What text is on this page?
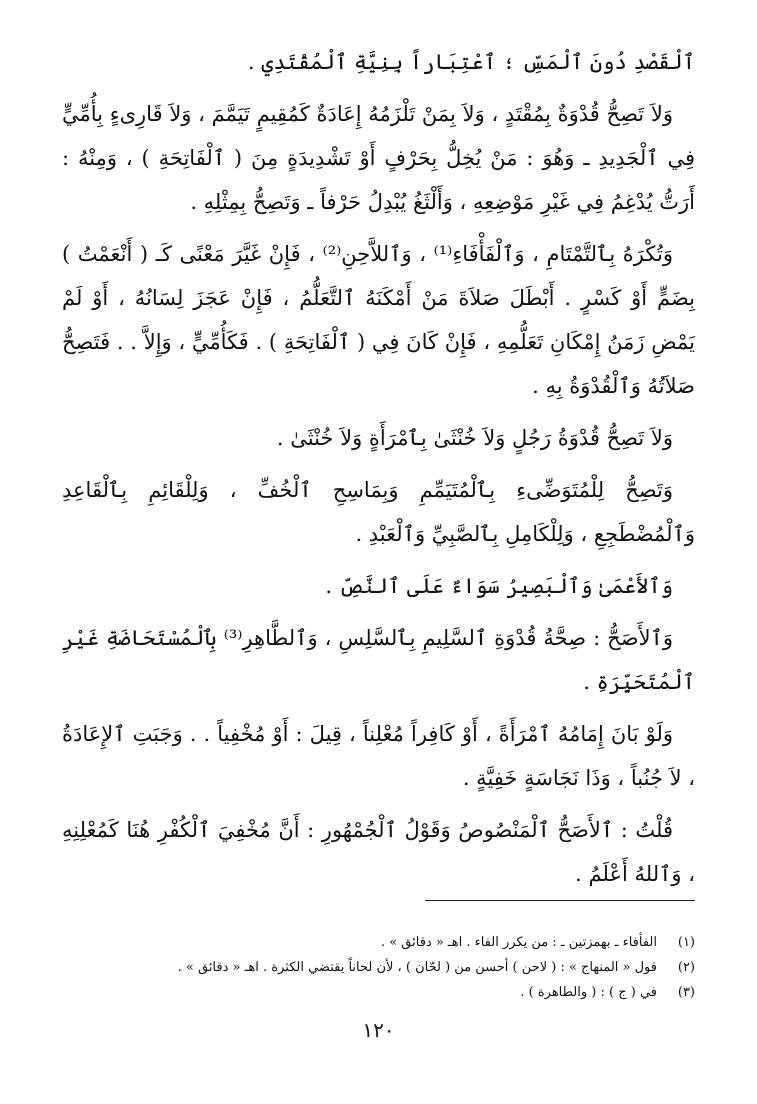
ٱلْقَصْدِ دُونَ ٱلْمَسِّ ؛ ٱعْتِبَاراً بِنِيَّةِ ٱلْمُقْتَدِي .

وَلاَ تَصِحُّ قُدْوَةٌ بِمُقْتَدٍ ، وَلاَ بِمَنْ تَلْزَمُهُ إِعَادَةٌ كَمُقِيمٍ تَيَمَّمَ ، وَلاَ قَارِىءٍ بِأُمِّيٍّ فِي ٱلْجَدِيدِ ـ وَهُوَ : مَنْ يُخِلُّ بِحَرْفٍ أَوْ تَشْدِيدَةٍ مِنَ ( ٱلْفَاتِحَةِ ) ، وَمِنْهُ : أَرَتُّ يُدْغِمُ فِي غَيْرِ مَوْضِعِهِ ، وَأَلْثَغُ يُبْدِلُ حَرْفاً ـ وَتَصِحُّ بِمِثْلِهِ .

وَتُكْرَهُ بِٱلتَّمْتَامِ ، وَٱلْفَأْفَاءِ⁽¹⁾ ، وَٱللاَّحِنِ⁽²⁾ ، فَإِنْ غَيَّرَ مَعْنًى كَـ ( أَنْعَمْتُ ) بِضَمٍّ أَوْ كَسْرٍ . أَبْطَلَ صَلاَةَ مَنْ أَمْكَنَهُ ٱلتَّعَلُّمُ ، فَإِنْ عَجَزَ لِسَانُهُ ، أَوْ لَمْ يَمْضِ زَمَنُ إِمْكَانِ تَعَلُّمِهِ ، فَإِنْ كَانَ فِي ( ٱلْفَاتِحَةِ ) . فَكَأُمِّيٍّ ، وَإِلاَّ . . فَتَصِحُّ صَلاَتُهُ وَٱلْقُدْوَةُ بِهِ .

وَلاَ تَصِحُّ قُدْوَةُ رَجُلٍ وَلاَ خُنْثَىٰ بِٱمْرَأَةٍ وَلاَ خُنْثَىٰ .

وَتَصِحُّ لِلْمُتَوَضِّىءِ بِٱلْمُتَيَمِّمِ وَبِمَاسِحِ ٱلْخُفِّ ، وَلِلْقَائِمِ بِٱلْقَاعِدِ وَٱلْمُضْطَجِعِ ، وَلِلْكَامِلِ بِٱلصَّبِيِّ وَٱلْعَبْدِ .

وَٱلأَعْمَىٰ وَٱلْبَصِيرُ سَوَاءٌ عَلَى ٱلنَّصِّ .

وَٱلأَصَحُّ : صِحَّةُ قُدْوَةِ ٱلسَّلِيمِ بِٱلسَّلِسِ ، وَٱلطَّاهِرِ⁽³⁾ بِٱلْمُسْتَحَاضَةِ غَيْرِ ٱلْمُتَحَيِّرَةِ .

وَلَوْ بَانَ إِمَامُهُ ٱمْرَأَةً ، أَوْ كَافِراً مُعْلِناً ، قِيلَ : أَوْ مُخْفِياً . . وَجَبَتِ ٱلإِعَادَةُ ، لاَ جُنُباً ، وَذَا نَجَاسَةٍ خَفِيَّةٍ .

قُلْتُ : ٱلأَصَحُّ ٱلْمَنْصُوصُ وَقَوْلُ ٱلْجُمْهُورِ : أَنَّ مُخْفِيَ ٱلْكُفْرِ هُنَا كَمُعْلِنِهِ ، وَٱللهُ أَعْلَمُ .

(١)
الفأفاء ـ بهمزتين ـ : من يكرر الفاء . اهـ « دقائق » .
(٢)
قول « المنهاج » : ( لاحن ) أحسن من ( لحّان ) ، لأن لحاناً يقتضي الكثرة . اهـ « دقائق » .
(٣)
في ( ج ) : ( والطاهرة ) .
١٢٠
